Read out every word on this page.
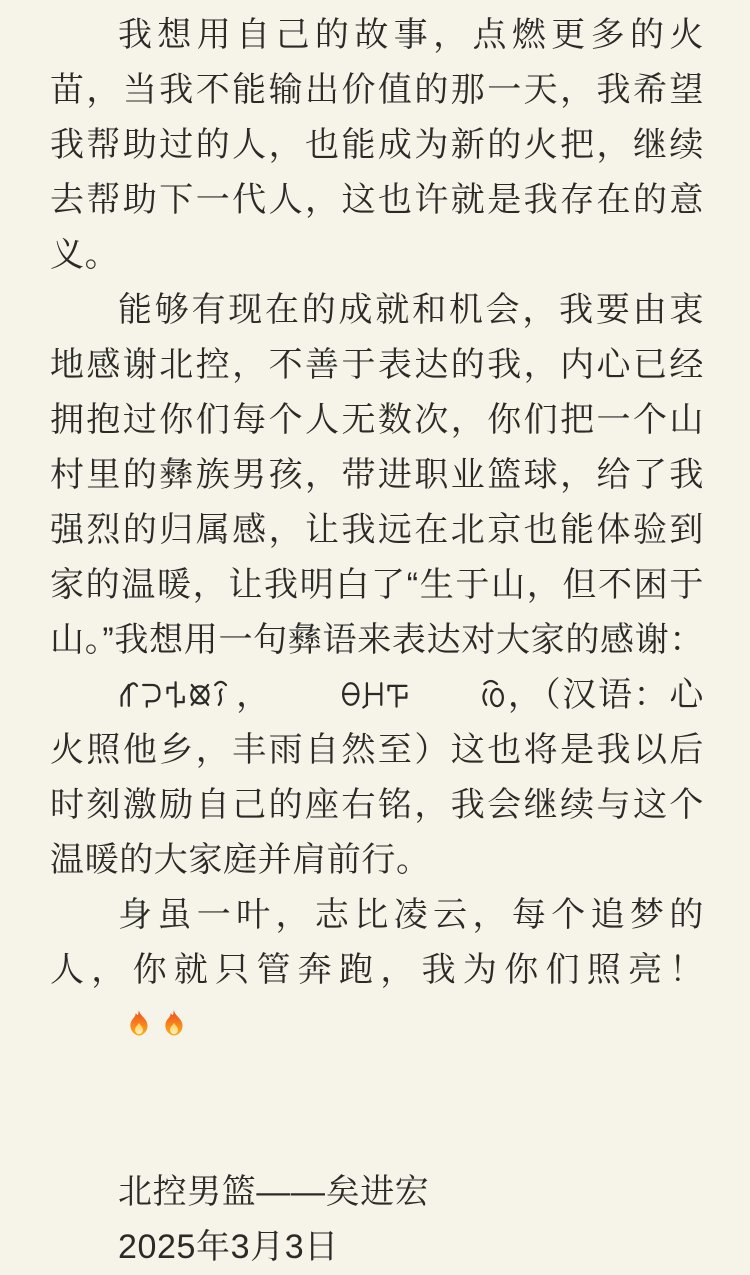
我想用自己的故事，点燃更多的火苗，当我不能输出价值的那一天，我希望我帮助过的人，也能成为新的火把，继续去帮助下一代人，这也许就是我存在的意义。

能够有现在的成就和机会，我要由衷地感谢北控，不善于表达的我，内心已经拥抱过你们每个人无数次，你们把一个山村里的彝族男孩，带进职业篮球，给了我强烈的归属感，让我远在北京也能体验到家的温暖，让我明白了“生于山，但不困于山。”我想用一句彝语来表达对大家的感谢：，	，（汉语：心火照他乡，丰雨自然至）这也将是我以后时刻激励自己的座右铭，我会继续与这个温暖的大家庭并肩前行。

身虽一叶，志比凌云，每个追梦的人，你就只管奔跑，我为你们照亮！

北控男篮——矣进宏

2025年3月3日
